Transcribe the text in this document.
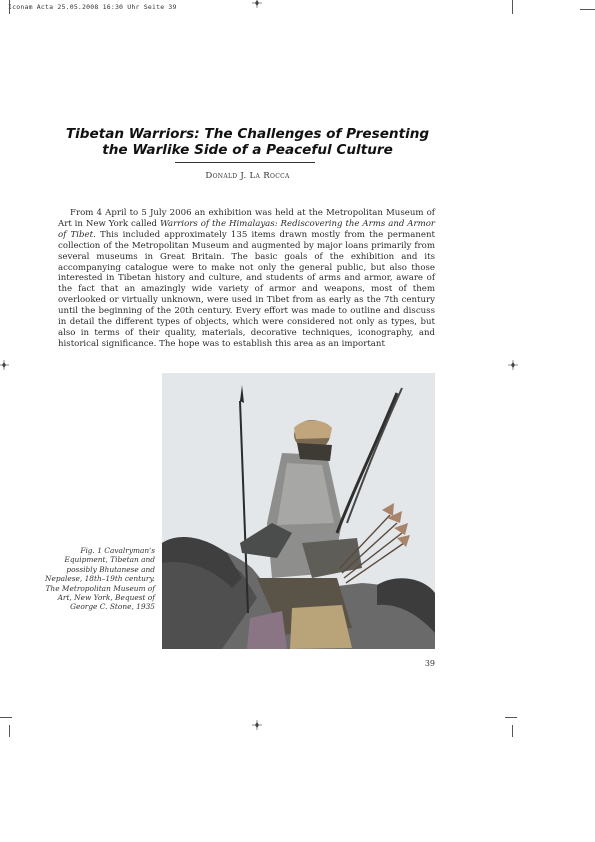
Iconam Acta 25.05.2008 16:30 Uhr Seite 39
Tibetan Warriors: The Challenges of Presenting
the Warlike Side of a Peaceful Culture
Donald J. La Rocca

From 4 April to 5 July 2006 an exhibition was held at the Metropolitan Museum of Art in New York called Warriors of the Himalayas: Rediscovering the Arms and Armor of Tibet. This included approximately 135 items drawn mostly from the permanent collection of the Metropolitan Museum and augmented by major loans primarily from several museums in Great Britain. The basic goals of the exhibition and its accompanying catalogue were to make not only the general public, but also those interested in Tibetan history and culture, and students of arms and armor, aware of the fact that an amazingly wide variety of armor and weapons, most of them overlooked or virtually unknown, were used in Tibet from as early as the 7th century until the beginning of the 20th century. Every effort was made to outline and discuss in detail the different types of objects, which were considered not only as types, but also in terms of their quality, materials, decorative techniques, iconography, and historical significance. The hope was to establish this area as an important

Fig. 1 Cavalryman's Equipment, Tibetan and possibly Bhutanese and Nepalese, 18th–19th century. The Metropolitan Museum of Art, New York, Bequest of George C. Stone, 1935
39
